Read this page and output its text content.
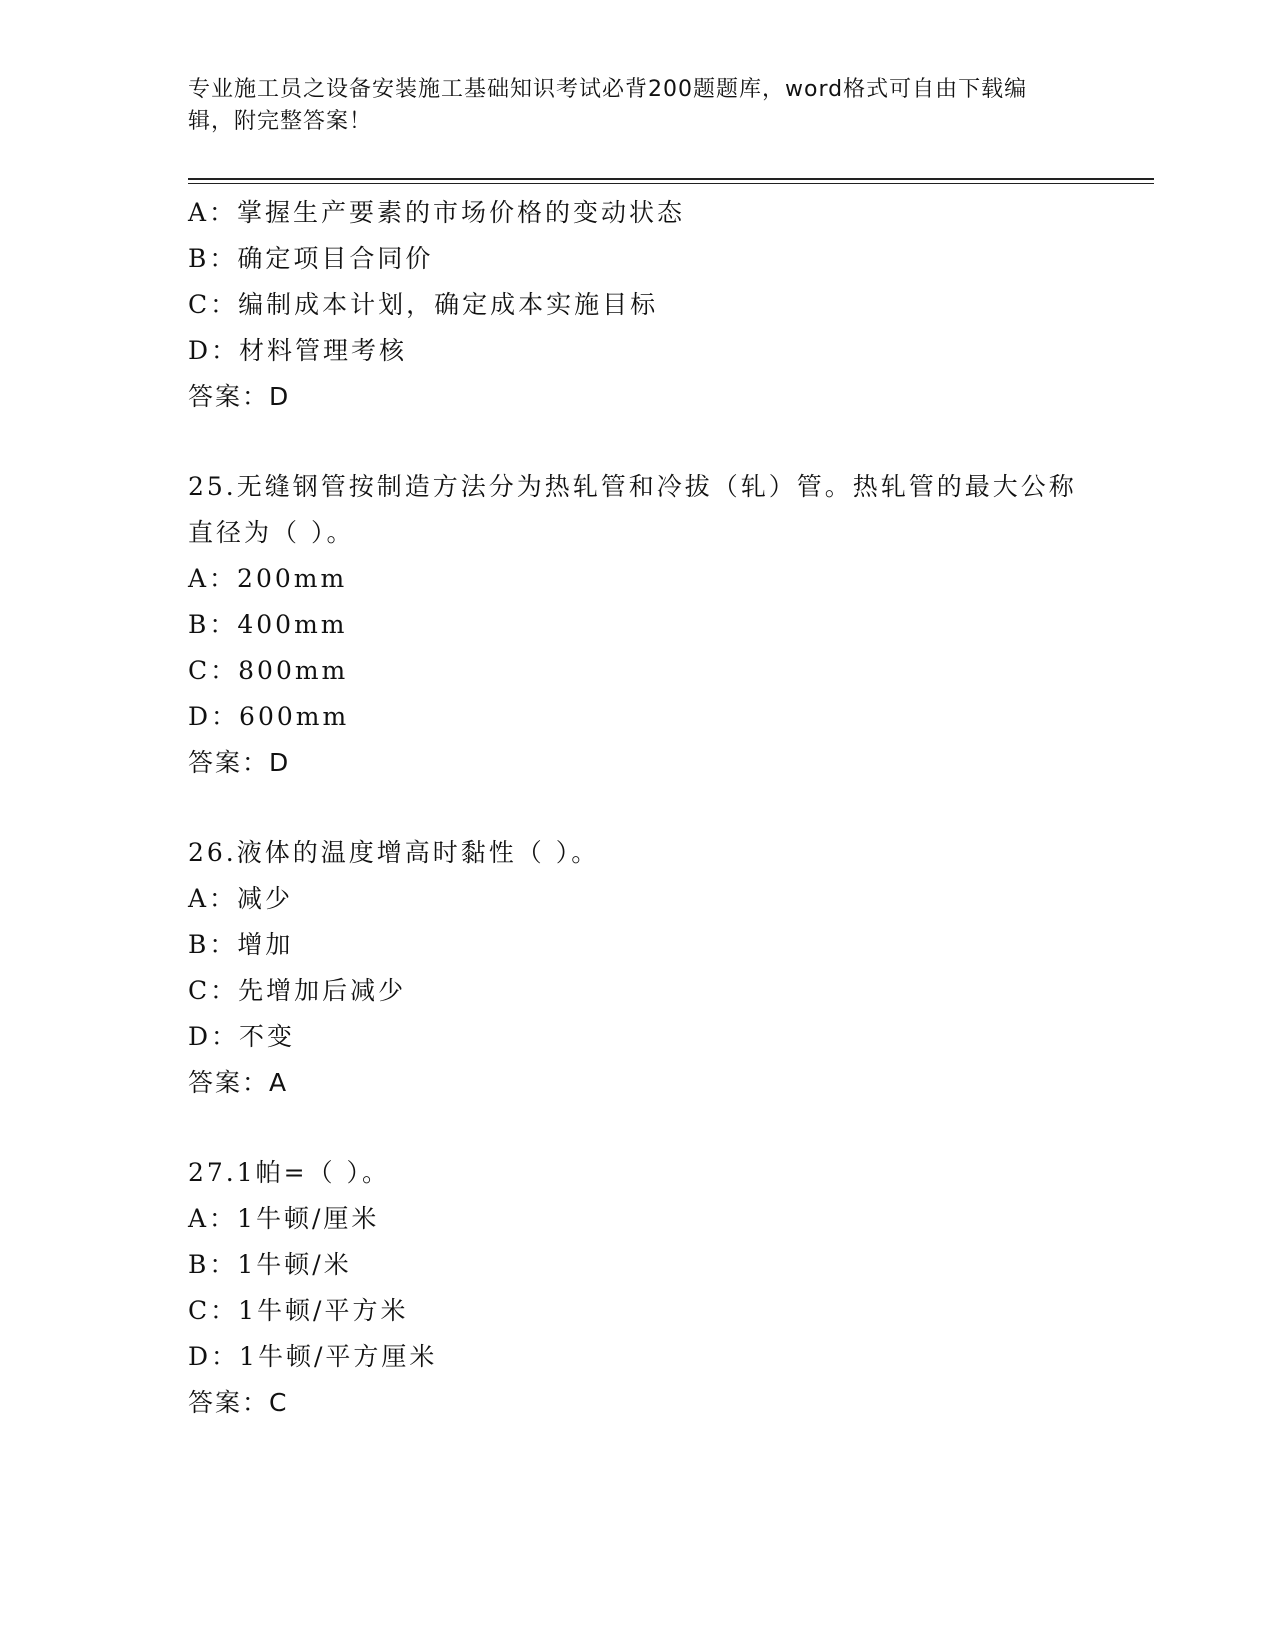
专业施工员之设备安装施工基础知识考试必背200题题库，word格式可自由下载编辑，附完整答案！
A：掌握生产要素的市场价格的变动状态
B：确定项目合同价
C：编制成本计划，确定成本实施目标
D：材料管理考核
答案：D
25.无缝钢管按制造方法分为热轧管和冷拔（轧）管。热轧管的最大公称直径为（ ）。
A：200mm
B：400mm
C：800mm
D：600mm
答案：D
26.液体的温度增高时黏性（ ）。
A：减少
B：增加
C：先增加后减少
D：不变
答案：A
27.1帕=（ ）。
A：1牛顿/厘米
B：1牛顿/米
C：1牛顿/平方米
D：1牛顿/平方厘米
答案：C
